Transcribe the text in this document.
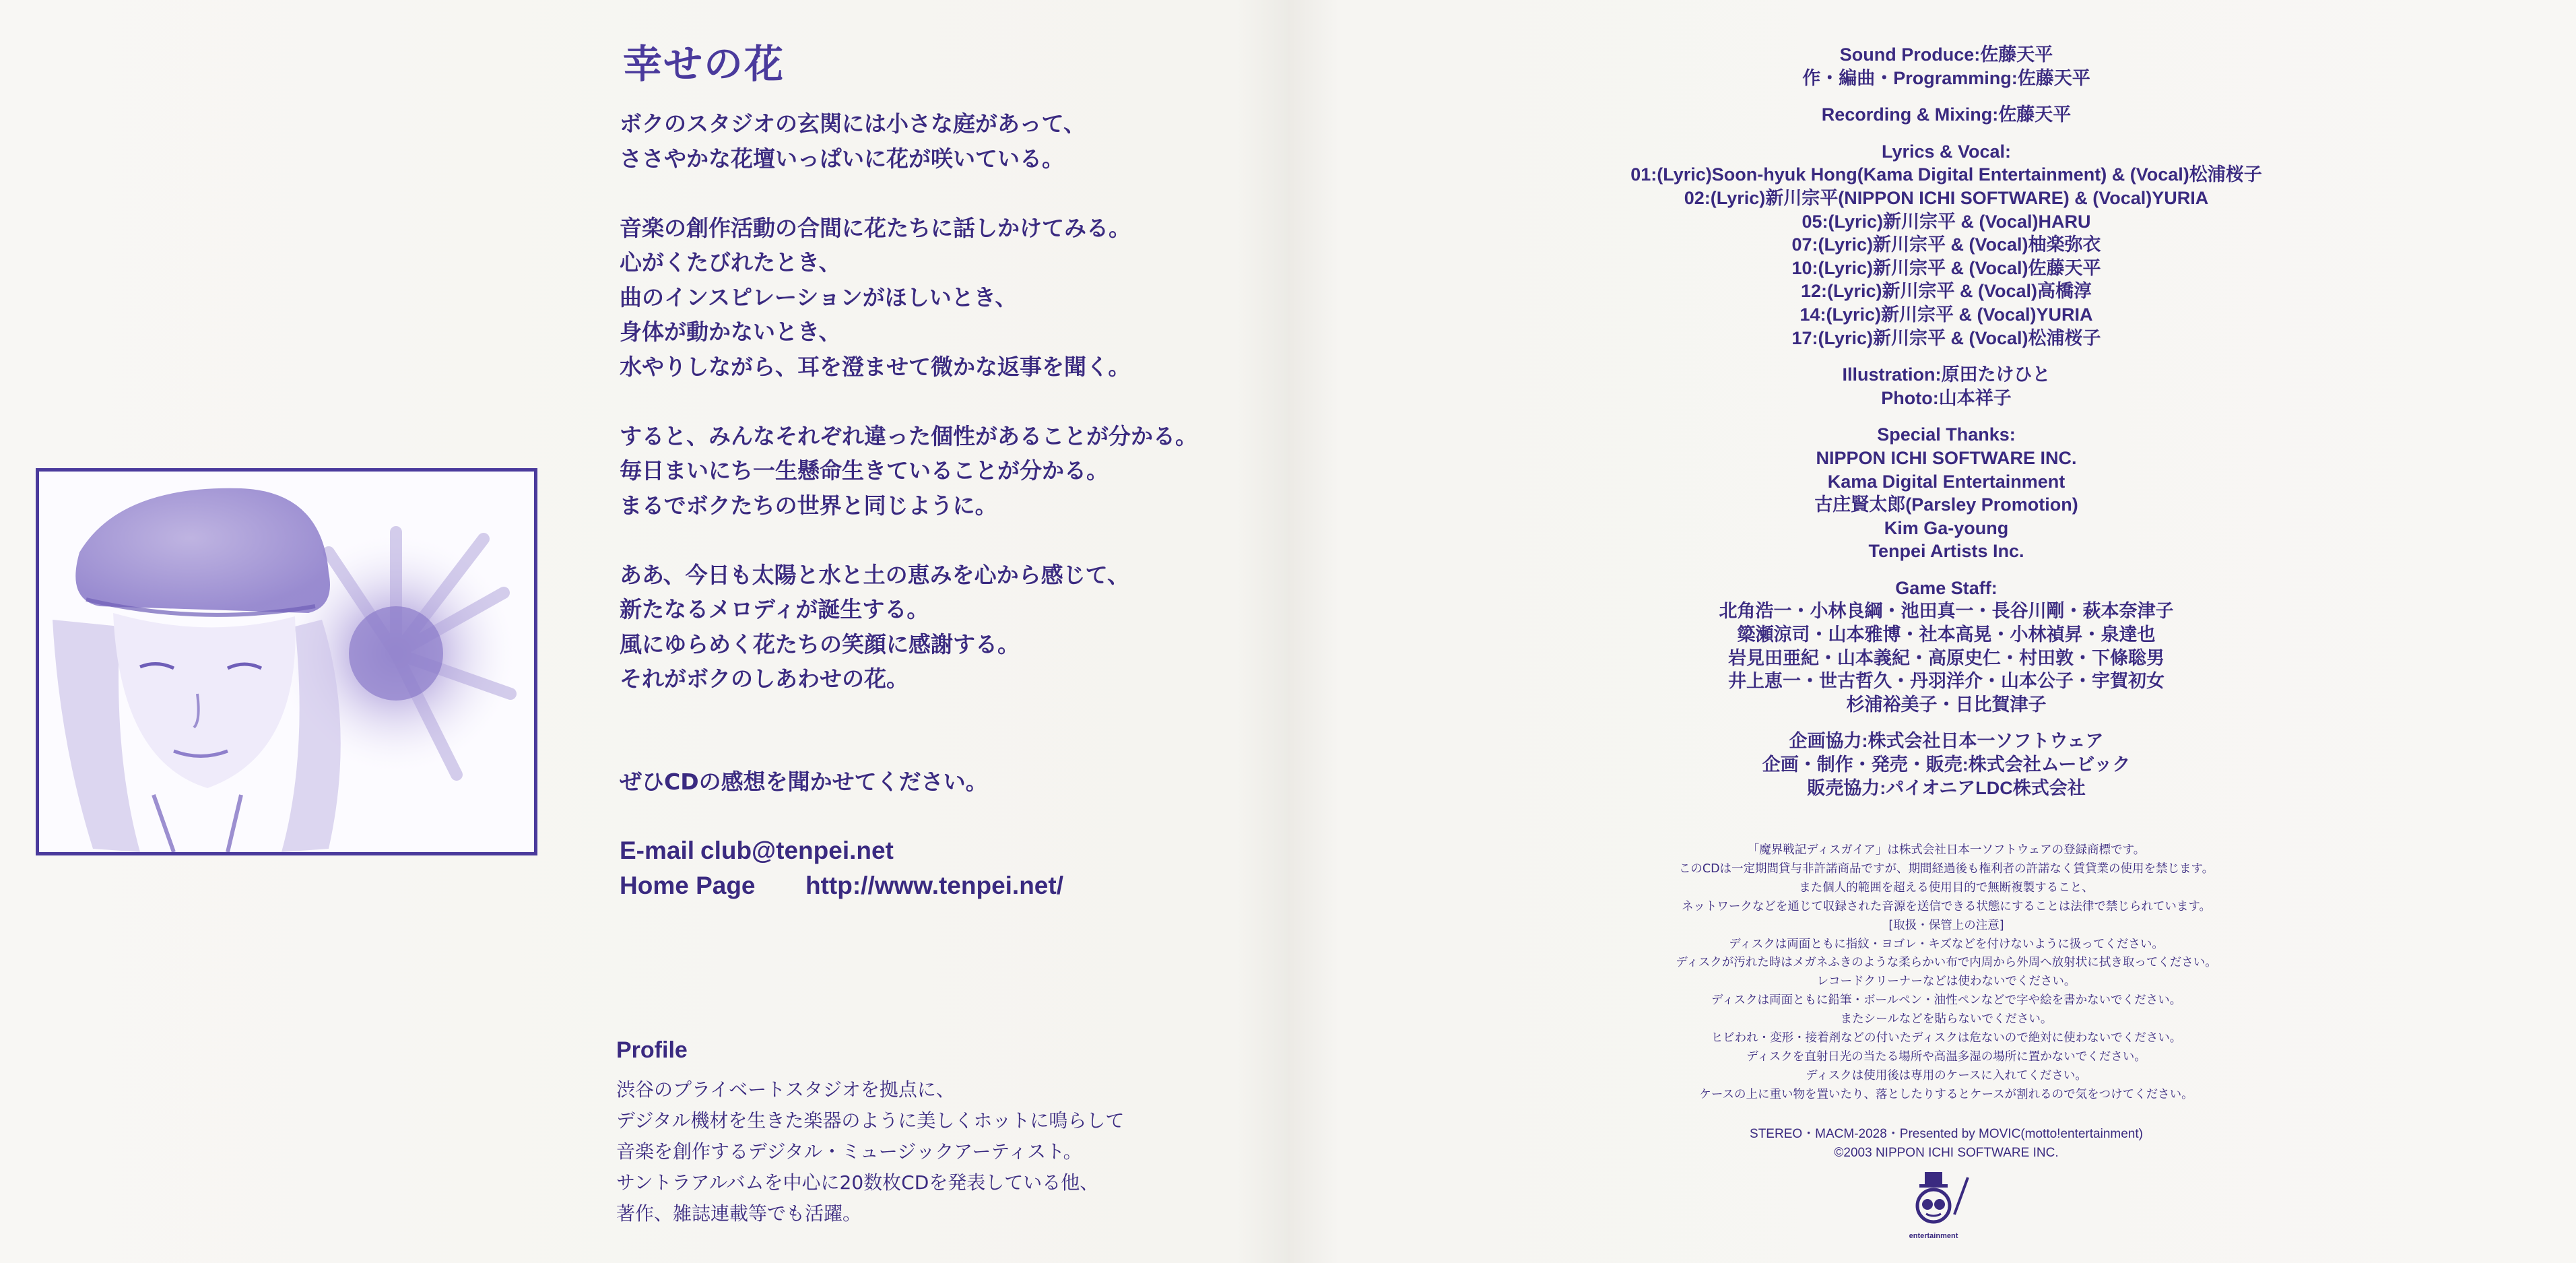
幸せの花

ボクのスタジオの玄関には小さな庭があって、

ささやかな花壇いっぱいに花が咲いている。

音楽の創作活動の合間に花たちに話しかけてみる。

心がくたびれたとき、

曲のインスピレーションがほしいとき、

身体が動かないとき、

水やりしながら、耳を澄ませて微かな返事を聞く。

すると、みんなそれぞれ違った個性があることが分かる。

毎日まいにち一生懸命生きていることが分かる。

まるでボクたちの世界と同じように。

ああ、今日も太陽と水と土の恵みを心から感じて、

新たなるメロディが誕生する。

風にゆらめく花たちの笑顔に感謝する。

それがボクのしあわせの花。

ぜひCDの感想を聞かせてください。
E-mail club@tenpei.net
Home Page http://www.tenpei.net/
Profile

渋谷のプライベートスタジオを拠点に、

デジタル機材を生きた楽器のように美しくホットに鳴らして

音楽を創作するデジタル・ミュージックアーティスト。

サントラアルバムを中心に20数枚CDを発表している他、

著作、雑誌連載等でも活躍。

Sound Produce:佐藤天平

作・編曲・Programming:佐藤天平

Recording & Mixing:佐藤天平

Lyrics & Vocal:

01:(Lyric)Soon-hyuk Hong(Kama Digital Entertainment) & (Vocal)松浦桜子

02:(Lyric)新川宗平(NIPPON ICHI SOFTWARE) & (Vocal)YURIA

05:(Lyric)新川宗平 & (Vocal)HARU

07:(Lyric)新川宗平 & (Vocal)柚楽弥衣

10:(Lyric)新川宗平 & (Vocal)佐藤天平

12:(Lyric)新川宗平 & (Vocal)高橋淳

14:(Lyric)新川宗平 & (Vocal)YURIA

17:(Lyric)新川宗平 & (Vocal)松浦桜子

Illustration:原田たけひと

Photo:山本祥子

Special Thanks:

NIPPON ICHI SOFTWARE INC.

Kama Digital Entertainment

古庄賢太郎(Parsley Promotion)

Kim Ga-young

Tenpei Artists Inc.

Game Staff:

北角浩一・小林良綱・池田真一・長谷川剛・萩本奈津子

簗瀬涼司・山本雅博・社本高晃・小林禎昇・泉達也

岩見田亜紀・山本義紀・高原史仁・村田敦・下條聡男

井上恵一・世古哲久・丹羽洋介・山本公子・宇賀初女

杉浦裕美子・日比賀津子

企画協力:株式会社日本一ソフトウェア

企画・制作・発売・販売:株式会社ムービック

販売協力:パイオニアLDC株式会社

「魔界戦記ディスガイア」は株式会社日本一ソフトウェアの登録商標です。

このCDは一定期間貸与非許諾商品ですが、期間経過後も権利者の許諾なく賃貸業の使用を禁じます。

また個人的範囲を超える使用目的で無断複製すること、

ネットワークなどを通じて収録された音源を送信できる状態にすることは法律で禁じられています。

[取扱・保管上の注意]

ディスクは両面ともに指紋・ヨゴレ・キズなどを付けないように扱ってください。

ディスクが汚れた時はメガネふきのような柔らかい布で内周から外周へ放射状に拭き取ってください。

レコードクリーナーなどは使わないでください。

ディスクは両面ともに鉛筆・ボールペン・油性ペンなどで字や絵を書かないでください。

またシールなどを貼らないでください。

ヒビわれ・変形・接着剤などの付いたディスクは危ないので絶対に使わないでください。

ディスクを直射日光の当たる場所や高温多湿の場所に置かないでください。

ディスクは使用後は専用のケースに入れてください。

ケースの上に重い物を置いたり、落としたりするとケースが割れるので気をつけてください。

STEREO・MACM-2028・Presented by MOVIC(motto!entertainment)

©2003 NIPPON ICHI SOFTWARE INC.

entertainment
